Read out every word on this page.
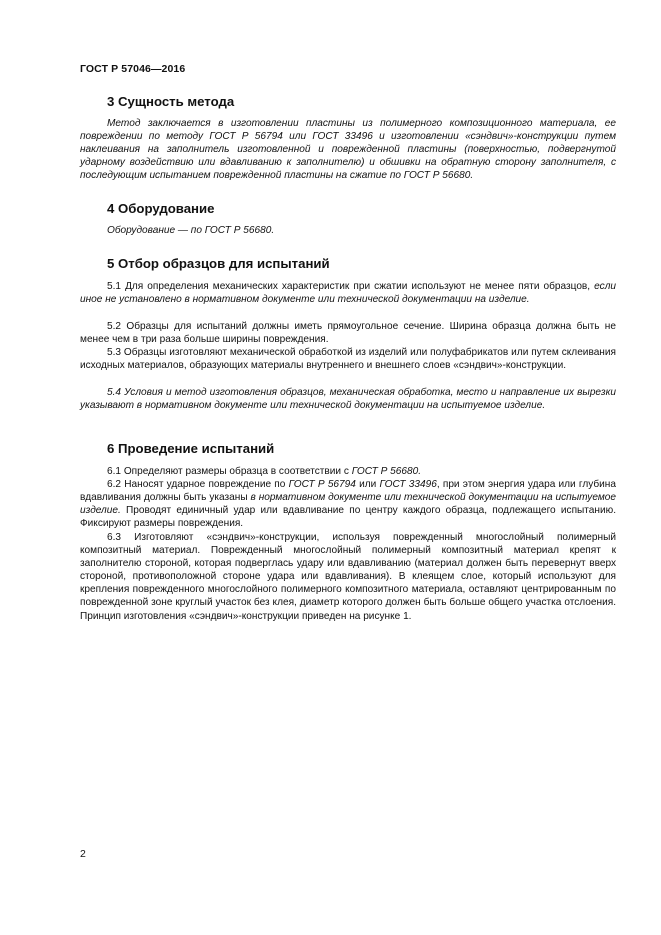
ГОСТ Р 57046—2016
3 Сущность метода

Метод заключается в изготовлении пластины из полимерного композиционного материала, ее повреждении по методу ГОСТ Р 56794 или ГОСТ 33496 и изготовлении «сэндвич»-конструкции путем наклеивания на заполнитель изготовленной и поврежденной пластины (поверхностью, подвергнутой ударному воздействию или вдавливанию к заполнителю) и обшивки на обратную сторону заполнителя, с последующим испытанием поврежденной пластины на сжатие по ГОСТ Р 56680.

4 Оборудование

Оборудование — по ГОСТ Р 56680.

5 Отбор образцов для испытаний

5.1 Для определения механических характеристик при сжатии используют не менее пяти образцов, если иное не установлено в нормативном документе или технической документации на изделие.

5.2 Образцы для испытаний должны иметь прямоугольное сечение. Ширина образца должна быть не менее чем в три раза больше ширины повреждения.

5.3 Образцы изготовляют механической обработкой из изделий или полуфабрикатов или путем склеивания исходных материалов, образующих материалы внутреннего и внешнего слоев «сэндвич»-конструкции.

5.4 Условия и метод изготовления образцов, механическая обработка, место и направление их вырезки указывают в нормативном документе или технической документации на испытуемое изделие.

6 Проведение испытаний

6.1 Определяют размеры образца в соответствии с ГОСТ Р 56680.

6.2 Наносят ударное повреждение по ГОСТ Р 56794 или ГОСТ 33496, при этом энергия удара или глубина вдавливания должны быть указаны в нормативном документе или технической документации на испытуемое изделие. Проводят единичный удар или вдавливание по центру каждого образца, подлежащего испытанию. Фиксируют размеры повреждения.

6.3 Изготовляют «сэндвич»-конструкции, используя поврежденный многослойный полимерный композитный материал. Поврежденный многослойный полимерный композитный материал крепят к заполнителю стороной, которая подверглась удару или вдавливанию (материал должен быть перевернут вверх стороной, противоположной стороне удара или вдавливания). В клеящем слое, который используют для крепления поврежденного многослойного полимерного композитного материала, оставляют центрированным по поврежденной зоне круглый участок без клея, диаметр которого должен быть больше общего участка отслоения. Принцип изготовления «сэндвич»-конструкции приведен на рисунке 1.

2
